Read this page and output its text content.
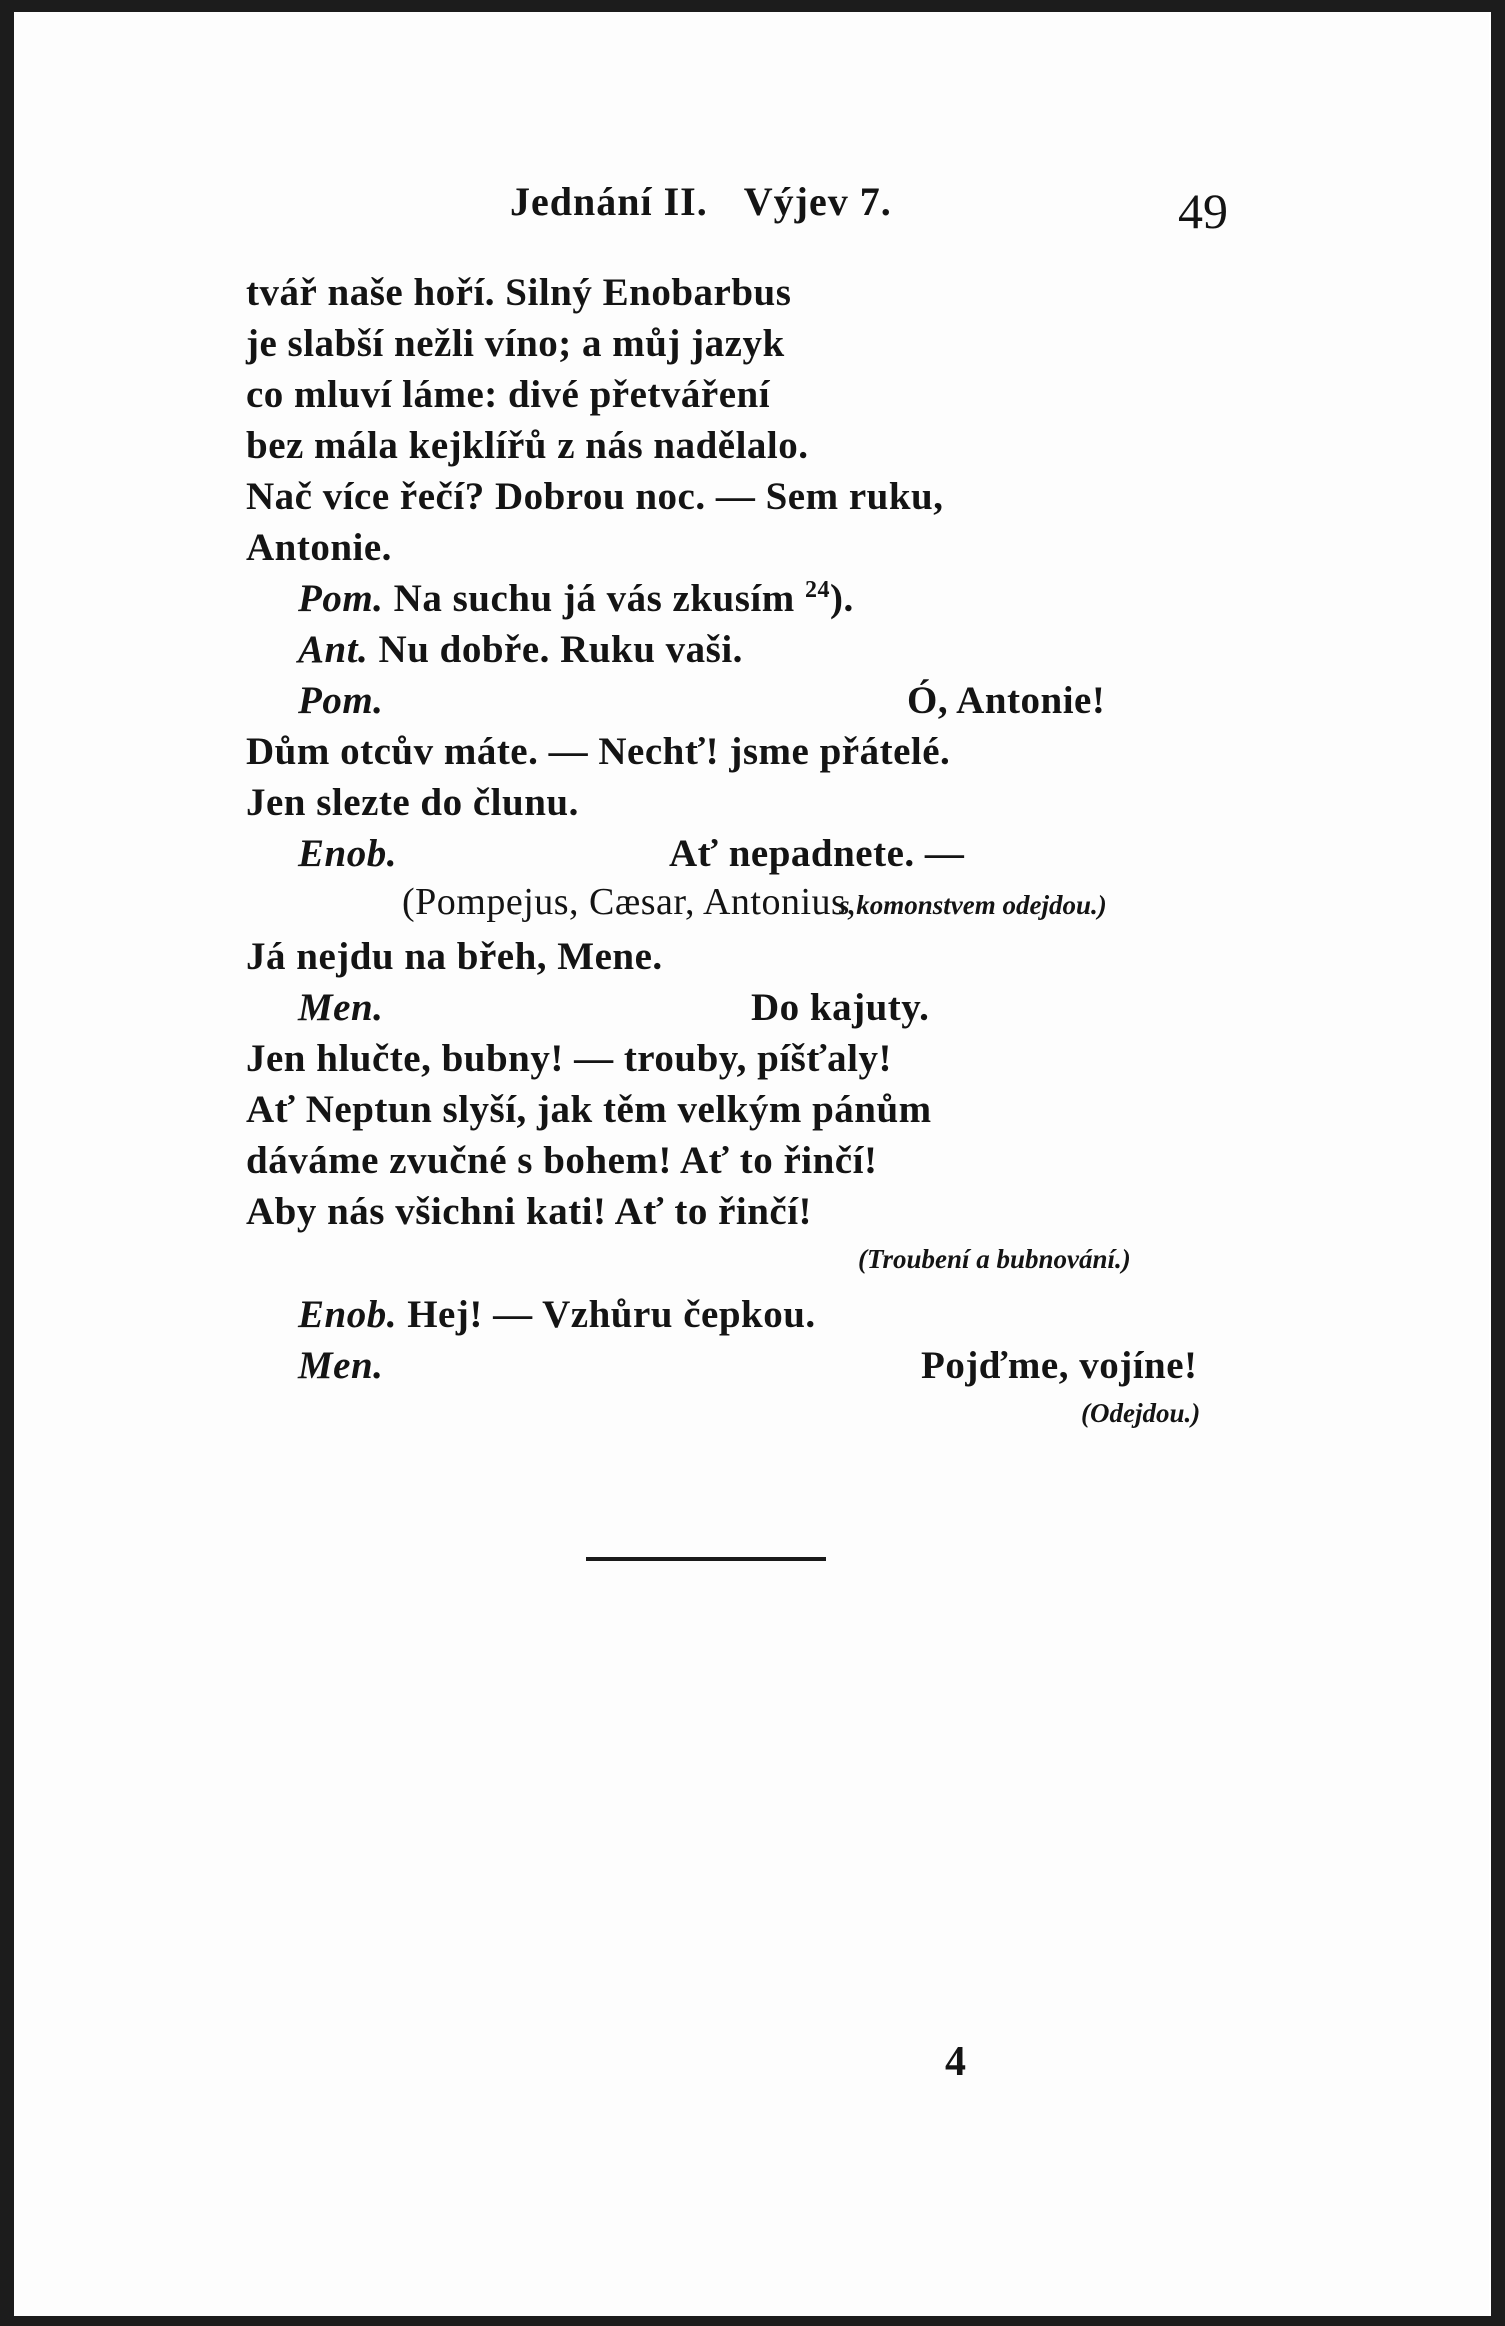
Jednání II. Výjev 7.	49
tvář naše hoří. Silný Enobarbus
je slabší nežli víno; a můj jazyk
co mluví láme: divé přetváření
bez mála kejklířů z nás nadělalo.
Nač více řečí? Dobrou noc. — Sem ruku,
Antonie.
Pom. Na suchu já vás zkusím $^{24}$).
Ant. Nu dobře. Ruku vaši.
Pom.	Ó, Antonie!
Dům otcův máte. — Nechť! jsme přátelé.
Jen slezte do člunu.
Enob.	Ať nepadnete. —
(Pompejus, Cæsar, Antonius,
s komonstvem odejdou.)
Já nejdu na břeh, Mene.
Men.	Do kajuty.
Jen hlučte, bubny! — trouby, píšťaly!
Ať Neptun slyší, jak těm velkým pánům
dáváme zvučné s bohem! Ať to řinčí!
Aby nás všichni kati! Ať to řinčí!
(Troubení a bubnování.)
Enob. Hej! — Vzhůru čepkou.
Men.	Pojďme, vojíne!
(Odejdou.)
4
